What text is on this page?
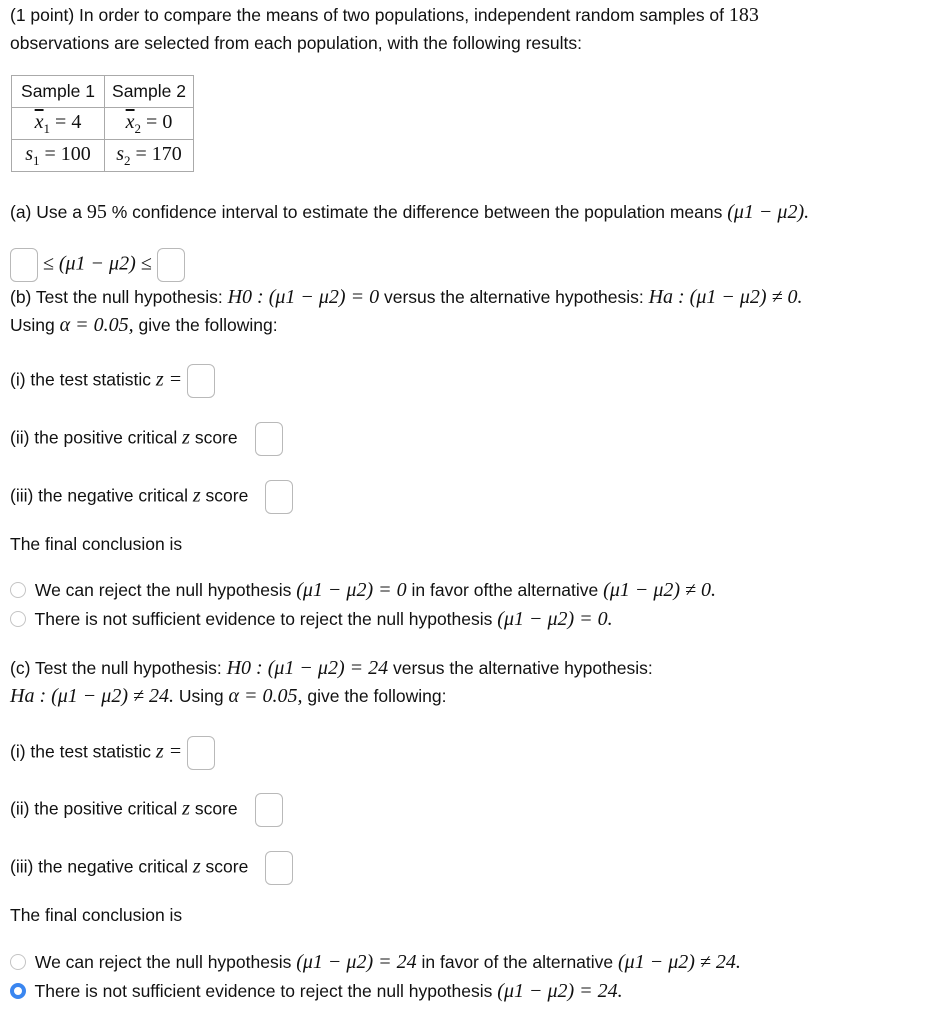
(1 point) In order to compare the means of two populations, independent random samples of 183
observations are selected from each population, with the following results:
Sample 1	Sample 2
$\overline{x}_1 = 4$	$\overline{x}_2 = 0$
$s_1 = 100$	$s_2 = 170$
(a) Use a 95 % confidence interval to estimate the difference between the population means (μ1 − μ2).
≤ (μ1 − μ2) ≤
(b) Test the null hypothesis: H0 : (μ1 − μ2) = 0 versus the alternative hypothesis: Ha : (μ1 − μ2) ≠ 0.
Using α = 0.05, give the following:
(i) the test statistic z =
(ii) the positive critical z score
(iii) the negative critical z score
The final conclusion is
We can reject the null hypothesis (μ1 − μ2) = 0 in favor ofthe alternative (μ1 − μ2) ≠ 0.
There is not sufficient evidence to reject the null hypothesis (μ1 − μ2) = 0.
(c) Test the null hypothesis: H0 : (μ1 − μ2) = 24 versus the alternative hypothesis:
Ha : (μ1 − μ2) ≠ 24. Using α = 0.05, give the following:
(i) the test statistic z =
(ii) the positive critical z score
(iii) the negative critical z score
The final conclusion is
We can reject the null hypothesis (μ1 − μ2) = 24 in favor of the alternative (μ1 − μ2) ≠ 24.
There is not sufficient evidence to reject the null hypothesis (μ1 − μ2) = 24.
